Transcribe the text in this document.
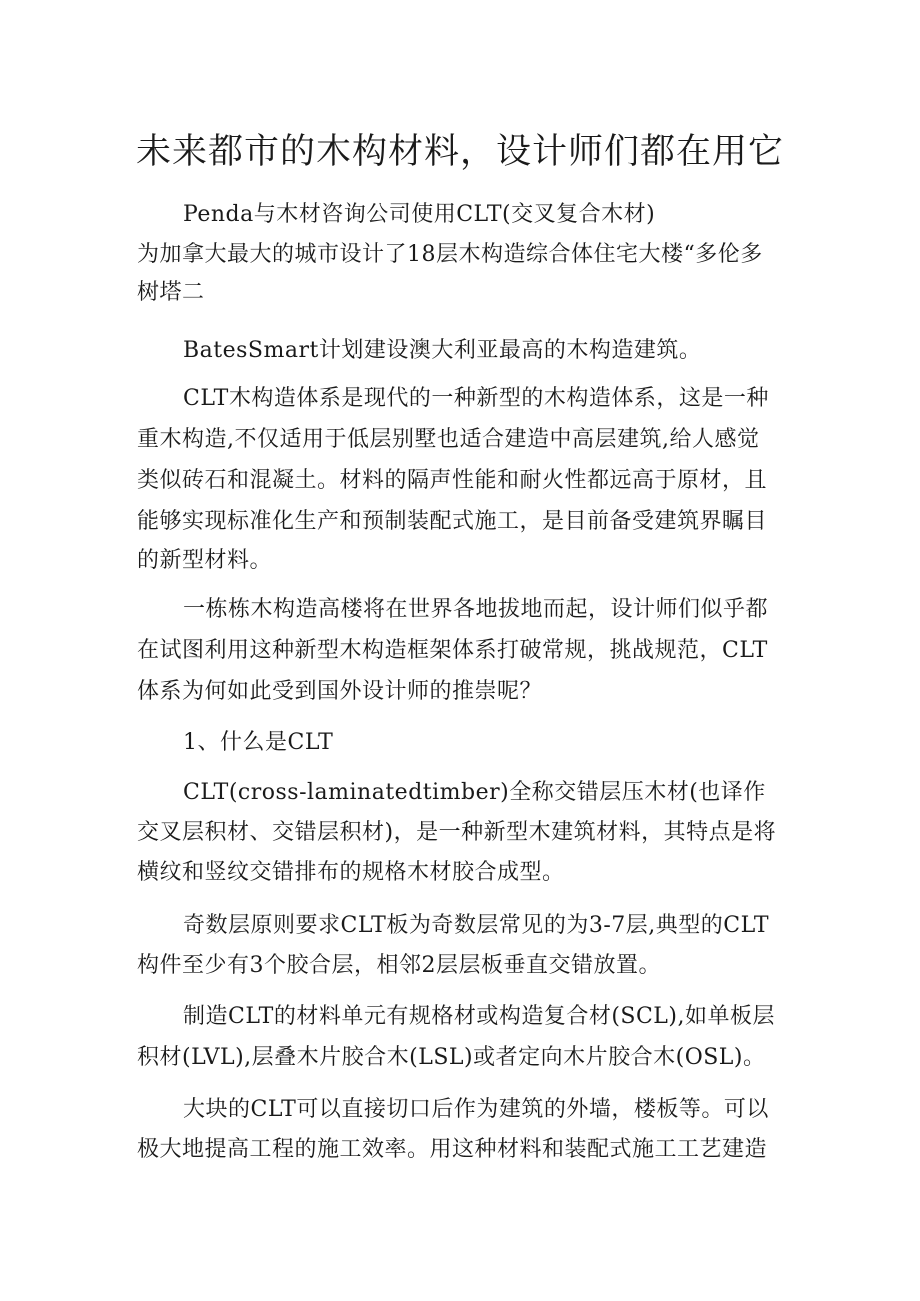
未来都市的木构材料，设计师们都在用它

Penda与木材咨询公司使用CLT(交叉复合木材)

为加拿大最大的城市设计了18层木构造综合体住宅大楼“多伦多

树塔二

BatesSmart计划建设澳大利亚最高的木构造建筑。

CLT木构造体系是现代的一种新型的木构造体系，这是一种

重木构造,不仅适用于低层别墅也适合建造中高层建筑,给人感觉

类似砖石和混凝土。材料的隔声性能和耐火性都远高于原材，且

能够实现标准化生产和预制装配式施工，是目前备受建筑界瞩目

的新型材料。

一栋栋木构造高楼将在世界各地拔地而起，设计师们似乎都

在试图利用这种新型木构造框架体系打破常规，挑战规范，CLT

体系为何如此受到国外设计师的推崇呢？

1、什么是CLT

CLT(cross-laminatedtimber)全称交错层压木材(也译作

交叉层积材、交错层积材)，是一种新型木建筑材料，其特点是将

横纹和竖纹交错排布的规格木材胶合成型。

奇数层原则要求CLT板为奇数层常见的为3-7层,典型的CLT

构件至少有3个胶合层，相邻2层层板垂直交错放置。

制造CLT的材料单元有规格材或构造复合材(SCL),如单板层

积材(LVL),层叠木片胶合木(LSL)或者定向木片胶合木(OSL)。

大块的CLT可以直接切口后作为建筑的外墙，楼板等。可以

极大地提高工程的施工效率。用这种材料和装配式施工工艺建造
